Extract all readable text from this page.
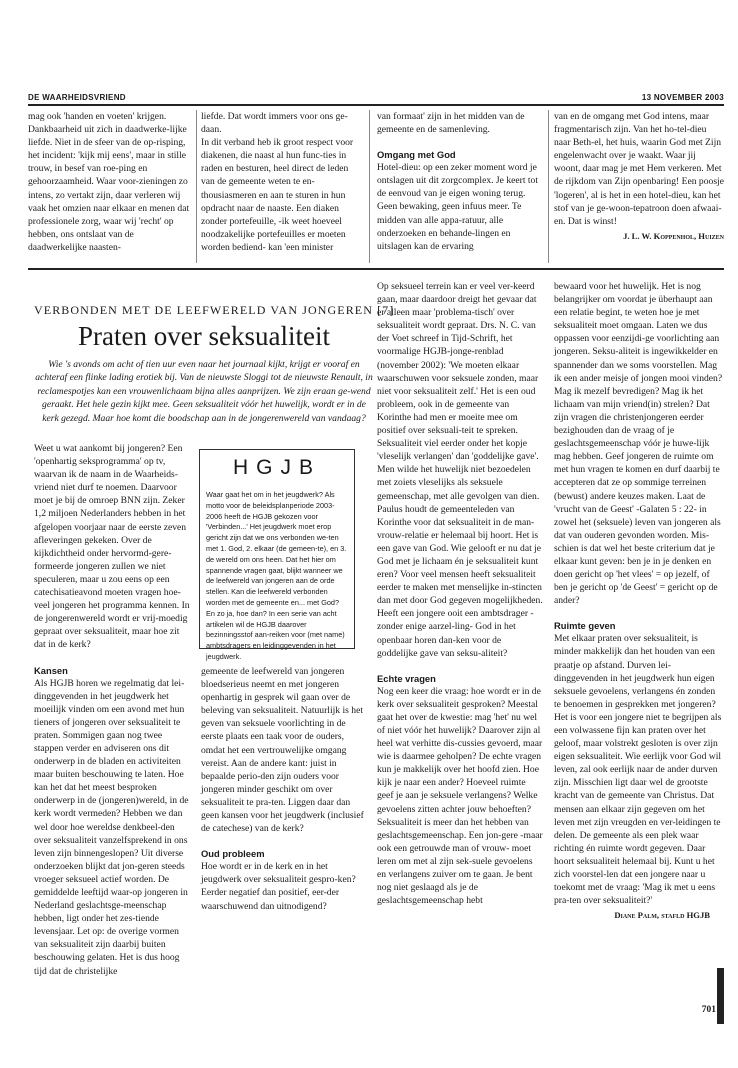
DE WAARHEIDSVRIEND	13 NOVEMBER 2003

mag ook 'handen en voeten' krijgen. Dankbaarheid uit zich in daadwerke-lijke liefde. Niet in de sfeer van de op-risping, het incident: 'kijk mij eens', maar in stille trouw, in besef van roe-ping en gehoorzaamheid. Waar voor-zieningen zo intens, zo vertakt zijn, daar verleren wij vaak het omzien naar elkaar en menen dat professionele zorg, waar wij 'recht' op hebben, ons ontslaat van de daadwerkelijke naasten-

liefde. Dat wordt immers voor ons ge-daan.

In dit verband heb ik groot respect voor diakenen, die naast al hun func-ties in raden en besturen, heel direct de leden van de gemeente weten te en-thousiasmeren en aan te sturen in hun opdracht naar de naaste. Een diaken zonder portefeuille, -ik weet hoeveel noodzakelijke portefeuilles er moeten worden bediend- kan 'een minister

van formaat' zijn in het midden van de gemeente en de samenleving.

Omgang met God

Hotel-dieu: op een zeker moment word je ontslagen uit dit zorgcomplex. Je keert tot de eenvoud van je eigen woning terug. Geen bewaking, geen infuus meer. Te midden van alle appa-ratuur, alle onderzoeken en behande-lingen en uitslagen kan de ervaring

van en de omgang met God intens, maar fragmentarisch zijn. Van het ho-tel-dieu naar Beth-el, het huis, waarin God met Zijn engelenwacht over je waakt. Waar jij woont, daar mag je met Hem verkeren. Met de rijkdom van Zijn openbaring! Een poosje 'logeren', al is het in een hotel-dieu, kan het stof van je ge-woon-tepatroon doen afwaai-en. Dat is winst!

J. L. W. Koppenhol, Huizen
VERBONDEN MET DE LEEFWERELD VAN JONGEREN [7]
Praten over seksualiteit
Wie 's avonds om acht of tien uur even naar het journaal kijkt, krijgt er vooraf en achteraf een flinke lading erotiek bij. Van de nieuwste Sloggi tot de nieuwste Renault, in reclamespotjes kan een vrouwenlichaam bijna alles aanprijzen. We zijn eraan ge-wend geraakt. Het hele gezin kijkt mee. Geen seksualiteit vóór het huwelijk, wordt er in de kerk gezegd. Maar hoe komt die boodschap aan in de jongerenwereld van vandaag?

Weet u wat aankomt bij jongeren? Een 'openhartig seksprogramma' op tv, waarvan ik de naam in de Waarheids-vriend niet durf te noemen. Daarvoor moet je bij de omroep BNN zijn. Zeker 1,2 miljoen Nederlanders hebben in het afgelopen voorjaar naar de eerste zeven afleveringen gekeken. Over de kijkdichtheid onder hervormd-gere-formeerde jongeren zullen we niet speculeren, maar u zou eens op een catechisatieavond moeten vragen hoe-veel jongeren het programma kennen. In de jongerenwereld wordt er vrij-moedig gepraat over seksualiteit, maar hoe zit dat in de kerk?

Kansen

Als HGJB horen we regelmatig dat lei-dinggevenden in het jeugdwerk het moeilijk vinden om een avond met hun tieners of jongeren over seksualiteit te praten. Sommigen gaan nog twee stappen verder en adviseren ons dit onderwerp in de bladen en activiteiten maar buiten beschouwing te laten. Hoe kan het dat het meest besproken onderwerp in de (jongeren)wereld, in de kerk wordt vermeden? Hebben we dan wel door hoe wereldse denkbeel-den over seksualiteit vanzelfsprekend in ons leven zijn binnengeslopen? Uit diverse onderzoeken blijkt dat jon-geren steeds vroeger seksueel actief worden. De gemiddelde leeftijd waar-op jongeren in Nederland geslachtsge-meenschap hebben, ligt onder het zes-tiende levensjaar. Let op: de overige vormen van seksualiteit zijn daarbij buiten beschouwing gelaten. Het is dus hoog tijd dat de christelijke

HGJB
Waar gaat het om in het jeugdwerk? Als motto voor de beleidsplanperiode 2003-2006 heeft de HGJB gekozen voor 'Verbinden...' Het jeugdwerk moet erop gericht zijn dat we ons verbonden we-ten met 1. God, 2. elkaar (de gemeen-te), en 3. de wereld om ons heen. Dat het hier om spannende vragen gaat, blijkt wanneer we de leefwereld van jongeren aan de orde stellen. Kan die leefwereld verbonden worden met de gemeente en... met God? En zo ja, hoe dan? In een serie van acht artikelen wil de HGJB daarover bezinningsstof aan-reiken voor (met name) ambtsdragers en leidinggevenden in het jeugdwerk.

gemeente de leefwereld van jongeren bloedserieus neemt en met jongeren openhartig in gesprek wil gaan over de beleving van seksualiteit. Natuurlijk is het geven van seksuele voorlichting in de eerste plaats een taak voor de ouders, omdat het een vertrouwelijke omgang vereist. Aan de andere kant: juist in bepaalde perio-den zijn ouders voor jongeren minder geschikt om over seksualiteit te pra-ten. Liggen daar dan geen kansen voor het jeugdwerk (inclusief de catechese) van de kerk?

Oud probleem

Hoe wordt er in de kerk en in het jeugdwerk over seksualiteit gespro-ken? Eerder negatief dan positief, eer-der waarschuwend dan uitnodigend?

Op seksueel terrein kan er veel ver-keerd gaan, maar daardoor dreigt het gevaar dat er alleen maar 'problema-tisch' over seksualiteit wordt gepraat. Drs. N. C. van der Voet schreef in Tijd-Schrift, het voormalige HGJB-jonge-renblad (november 2002): 'We moeten elkaar waarschuwen voor seksuele zonden, maar niet voor seksualiteit zelf.' Het is een oud probleem, ook in de gemeente van Korinthe had men er moeite mee om positief over seksuali-teit te spreken. Seksualiteit viel eerder onder het kopje 'vleselijk verlangen' dan 'goddelijke gave'. Men wilde het huwelijk niet bezoedelen met zoiets vleselijks als seksuele gemeenschap, met alle gevolgen van dien. Paulus houdt de gemeenteleden van Korinthe voor dat seksualiteit in de man-vrouw-relatie er helemaal bij hoort. Het is een gave van God. Wie gelooft er nu dat je God met je lichaam én je seksualiteit kunt eren? Voor veel mensen heeft seksualiteit eerder te maken met menselijke in-stincten dan met door God gegeven mogelijkheden. Heeft een jongere ooit een ambtsdrager -zonder enige aarzel-ling- God in het openbaar horen dan-ken voor de goddelijke gave van seksu-aliteit?

Echte vragen

Nog een keer die vraag: hoe wordt er in de kerk over seksualiteit gesproken? Meestal gaat het over de kwestie: mag 'het' nu wel of niet vóór het huwelijk? Daarover zijn al heel wat verhitte dis-cussies gevoerd, maar wie is daarmee geholpen? De echte vragen kun je makkelijk over het hoofd zien. Hoe kijk je naar een ander? Hoeveel ruimte geef je aan je seksuele verlangens? Welke gevoelens zitten achter jouw behoeften? Seksualiteit is meer dan het hebben van geslachtsgemeenschap. Een jon-gere -maar ook een getrouwde man of vrouw- moet leren om met al zijn sek-suele gevoelens en verlangens zuiver om te gaan. Je bent nog niet geslaagd als je de geslachtsgemeenschap hebt

bewaard voor het huwelijk. Het is nog belangrijker om voordat je überhaupt aan een relatie begint, te weten hoe je met seksualiteit moet omgaan. Laten we dus oppassen voor eenzijdi-ge voorlichting aan jongeren. Seksu-aliteit is ingewikkelder en spannender dan we soms voorstellen. Mag ik een ander meisje of jongen mooi vinden? Mag ik mezelf bevredigen? Mag ik het lichaam van mijn vriend(in) strelen? Dat zijn vragen die christenjongeren eerder bezighouden dan de vraag of je geslachtsgemeenschap vóór je huwe-lijk mag hebben. Geef jongeren de ruimte om met hun vragen te komen en durf daarbij te accepteren dat ze op sommige terreinen (bewust) andere keuzes maken. Laat de 'vrucht van de Geest' -Galaten 5 : 22- in zowel het (seksuele) leven van jongeren als dat van ouderen gevonden worden. Mis-schien is dat wel het beste criterium dat je elkaar kunt geven: ben je in je denken en doen gericht op 'het vlees' = op jezelf, of ben je gericht op 'de Geest' = gericht op de ander?

Ruimte geven

Met elkaar praten over seksualiteit, is minder makkelijk dan het houden van een praatje op afstand. Durven lei-dinggevenden in het jeugdwerk hun eigen seksuele gevoelens, verlangens én zonden te benoemen in gesprekken met jongeren? Het is voor een jongere niet te begrijpen als een volwassene fijn kan praten over het geloof, maar volstrekt gesloten is over zijn eigen seksualiteit. Wie eerlijk voor God wil leven, zal ook eerlijk naar de ander durven zijn. Misschien ligt daar wel de grootste kracht van de gemeente van Christus. Dat mensen aan elkaar zijn gegeven om het leven met zijn vreugden en ver-leidingen te delen. De gemeente als een plek waar richting én ruimte wordt gegeven. Daar hoort seksualiteit helemaal bij. Kunt u het zich voorstel-len dat een jongere naar u toekomt met de vraag: 'Mag ik met u eens pra-ten over seksualiteit?'

Diane Palm, stafld HGJB
701
